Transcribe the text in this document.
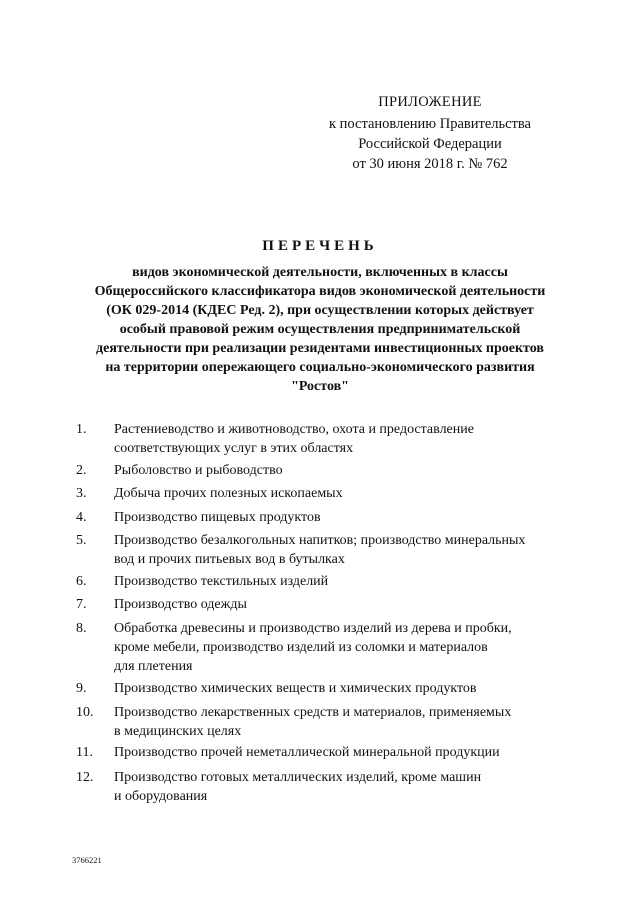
ПРИЛОЖЕНИЕ
к постановлению Правительства
Российской Федерации
от 30 июня 2018 г. № 762
ПЕРЕЧЕНЬ
видов экономической деятельности, включенных в классы
Общероссийского классификатора видов экономической деятельности
(ОК 029-2014 (КДЕС Ред. 2), при осуществлении которых действует
особый правовой режим осуществления предпринимательской
деятельности при реализации резидентами инвестиционных проектов
на территории опережающего социально-экономического развития
"Ростов"
1.	Растениеводство и животноводство, охота и предоставление
соответствующих услуг в этих областях
2.	Рыболовство и рыбоводство
3.	Добыча прочих полезных ископаемых
4.	Производство пищевых продуктов
5.	Производство безалкогольных напитков; производство минеральных
вод и прочих питьевых вод в бутылках
6.	Производство текстильных изделий
7.	Производство одежды
8.	Обработка древесины и производство изделий из дерева и пробки,
кроме мебели, производство изделий из соломки и материалов
для плетения
9.	Производство химических веществ и химических продуктов
10.	Производство лекарственных средств и материалов, применяемых
в медицинских целях
11.	Производство прочей неметаллической минеральной продукции
12.	Производство готовых металлических изделий, кроме машин
и оборудования
3766221
